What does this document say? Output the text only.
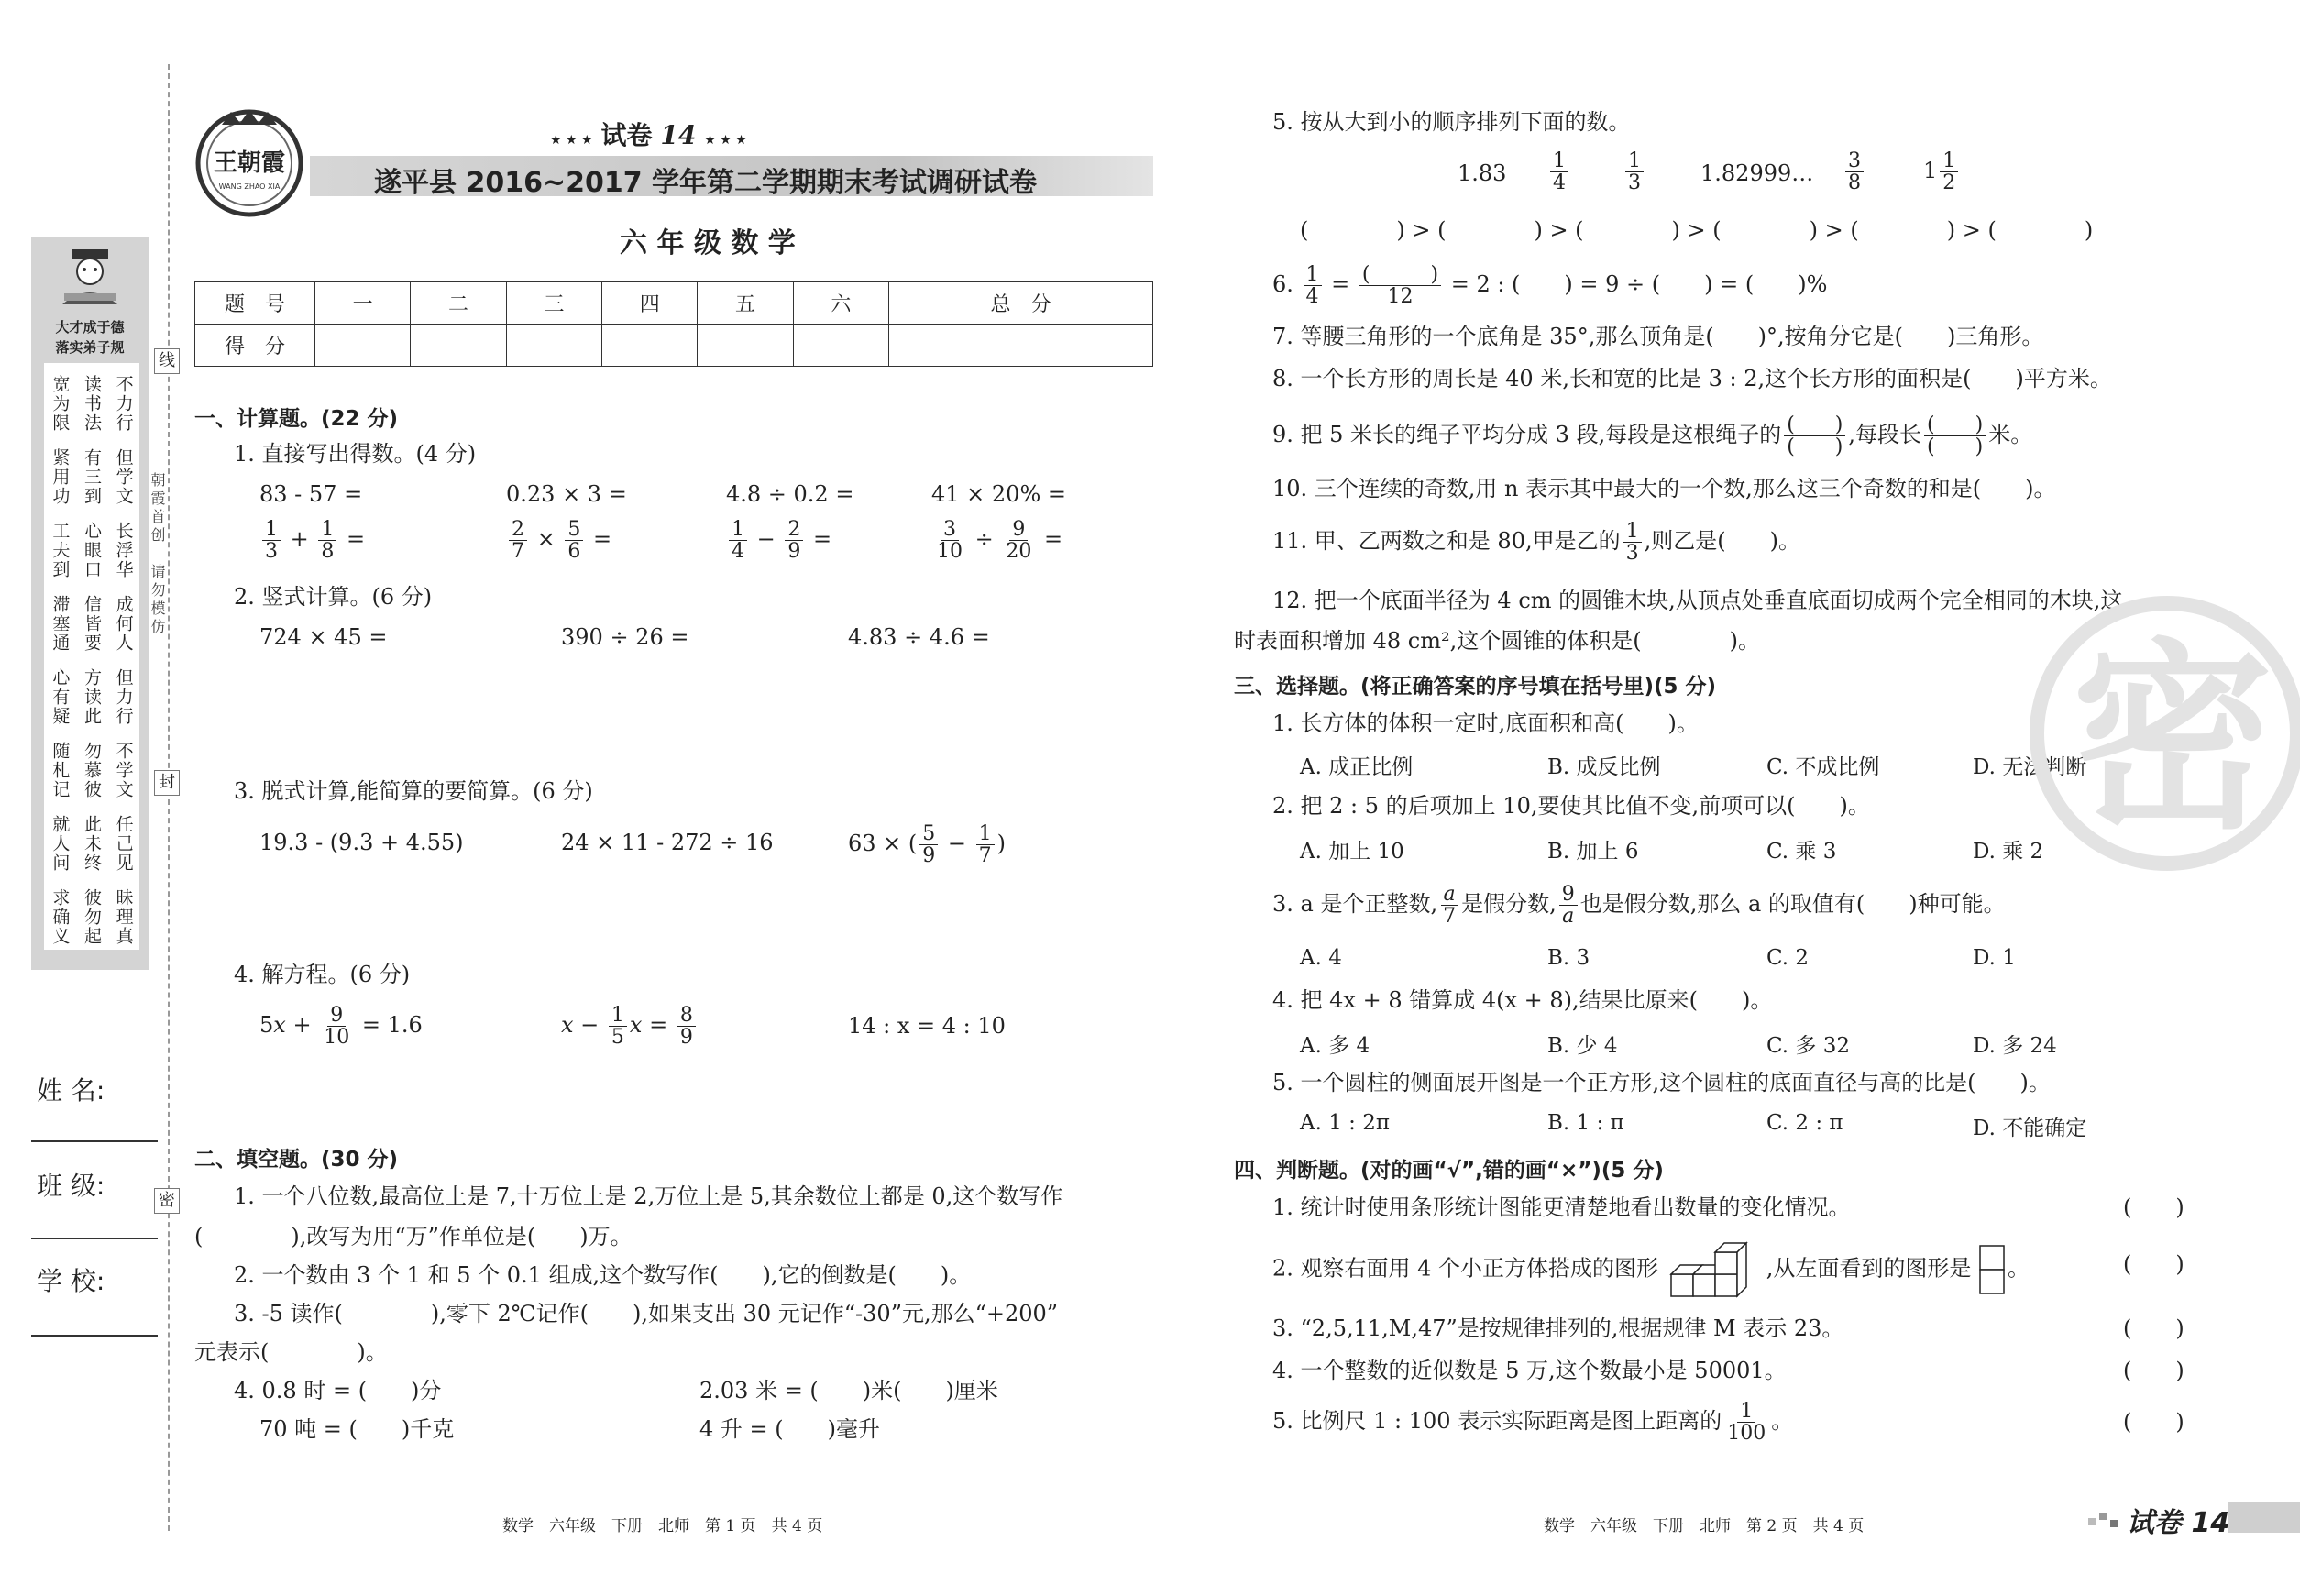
线
封
密
朝霞首创　请勿模仿
大才成于德
落实弟子规
宽为限 读书法 不力行
紧用功 有三到 但学文
工夫到 心眼口 长浮华
滞塞通 信皆要 成何人
心有疑 方读此 但力行
随札记 勿慕彼 不学文
就人问 此未终 任己见
求确义 彼勿起 昧理真
姓 名:
班 级:
学 校:
王朝霞
WANG ZHAO XIA
★ ★ ★ 试卷 14 ★ ★ ★
遂平县 2016~2017 学年第二学期期末考试调研试卷
六 年 级 数 学
题　号	一	二	三	四	五	六	总　分
得　分							
一、计算题。(22 分)
1. 直接写出得数。(4 分)
83 - 57 =	0.23 × 3 =	4.8 ÷ 0.2 =	41 × 20% =
$\frac{1}{3} + \frac{1}{8}$ =	$\frac{2}{7} \times \frac{5}{6}$ =	$\frac{1}{4} - \frac{2}{9}$ =	$\frac{3}{10} \div \frac{9}{20}$ =
2. 竖式计算。(6 分)
724 × 45 =	390 ÷ 26 =	4.83 ÷ 4.6 =
3. 脱式计算,能简算的要简算。(6 分)
19.3 - (9.3 + 4.55)	24 × 11 - 272 ÷ 16	63 × ( $\frac{5}{9} - \frac{1}{7}$ )
4. 解方程。(6 分)
$5x + \frac{9}{10} = 1.6$	$x - \frac{1}{5}$ $x = \frac{8}{9}$	14 : x = 4 : 10
二、填空题。(30 分)
1. 一个八位数,最高位上是 7,十万位上是 2,万位上是 5,其余数位上都是 0,这个数写作
(　　　　),改写为用“万”作单位是(　　)万。
2. 一个数由 3 个 1 和 5 个 0.1 组成,这个数写作(　　),它的倒数是(　　)。
3. -5 读作(　　　　),零下 2℃记作(　　),如果支出 30 元记作“-30”元,那么“+200”
元表示(　　　　)。
4. 0.8 时 = (　　)分	2.03 米 = (　　)米(　　)厘米
70 吨 = (　　)千克	4 升 = (　　)毫升
数学　六年级　下册　北师　第 1 页　共 4 页
5. 按从大到小的顺序排列下面的数。
$1.83 \frac{1}{4}$	$\frac{1}{3}$	1.82999… $\frac{3}{8}$	$1 \frac{1}{2}$
(　　　　) > (　　　　) > (　　　　) > (　　　　) > (　　　　) > (　　　　)
6. $\frac{1}{4} = \frac{( )}{12} = 2$ : (　　) = 9 ÷ (　　) = (　　)%
7. 等腰三角形的一个底角是 35°,那么顶角是(　　)°,按角分它是(　　)三角形。
8. 一个长方形的周长是 40 米,长和宽的比是 3 : 2,这个长方形的面积是(　　)平方米。
9. 把 5 米长的绳子平均分成 3 段,每段是这根绳子的 $\frac{( )}{( )}$ ,每段长 $\frac{( )}{( )}$ 米。
10. 三个连续的奇数,用 n 表示其中最大的一个数,那么这三个奇数的和是(　　)。
11. 甲、乙两数之和是 80,甲是乙的 $\frac{1}{3}$ ,则乙是(　　)。
12. 把一个底面半径为 4 cm 的圆锥木块,从顶点处垂直底面切成两个完全相同的木块,这
时表面积增加 48 cm²,这个圆锥的体积是(　　　　)。
三、选择题。(将正确答案的序号填在括号里)(5 分)
1. 长方体的体积一定时,底面积和高(　　)。
A. 成正比例	B. 成反比例	C. 不成比例	D. 无法判断
2. 把 2 : 5 的后项加上 10,要使其比值不变,前项可以(　　)。
A. 加上 10	B. 加上 6	C. 乘 3	D. 乘 2
3. a 是个正整数, $\frac{a}{7}$ 是假分数, $\frac{9}{a}$ 也是假分数,那么 a 的取值有(　　)种可能。
A. 4	B. 3	C. 2	D. 1
4. 把 4x + 8 错算成 4(x + 8),结果比原来(　　)。
A. 多 4	B. 少 4	C. 多 32	D. 多 24
5. 一个圆柱的侧面展开图是一个正方形,这个圆柱的底面直径与高的比是(　　)。
A. 1 : 2π	B. 1 : π	C. 2 : π	D. 不能确定
四、判断题。(对的画“√”,错的画“×”)(5 分)
1. 统计时使用条形统计图能更清楚地看出数量的变化情况。	(　　)
2. 观察右面用 4 个小正方体搭成的图形	,从左面看到的图形是 。	(　　)
3. “2,5,11,M,47”是按规律排列的,根据规律 M 表示 23。	(　　)
4. 一个整数的近似数是 5 万,这个数最小是 50001。	(　　)
5. 比例尺 1 : 100 表示实际距离是图上距离的 $\frac{1}{100}$ 。	(　　)
数学　六年级　下册　北师　第 2 页　共 4 页	试卷 14
密
